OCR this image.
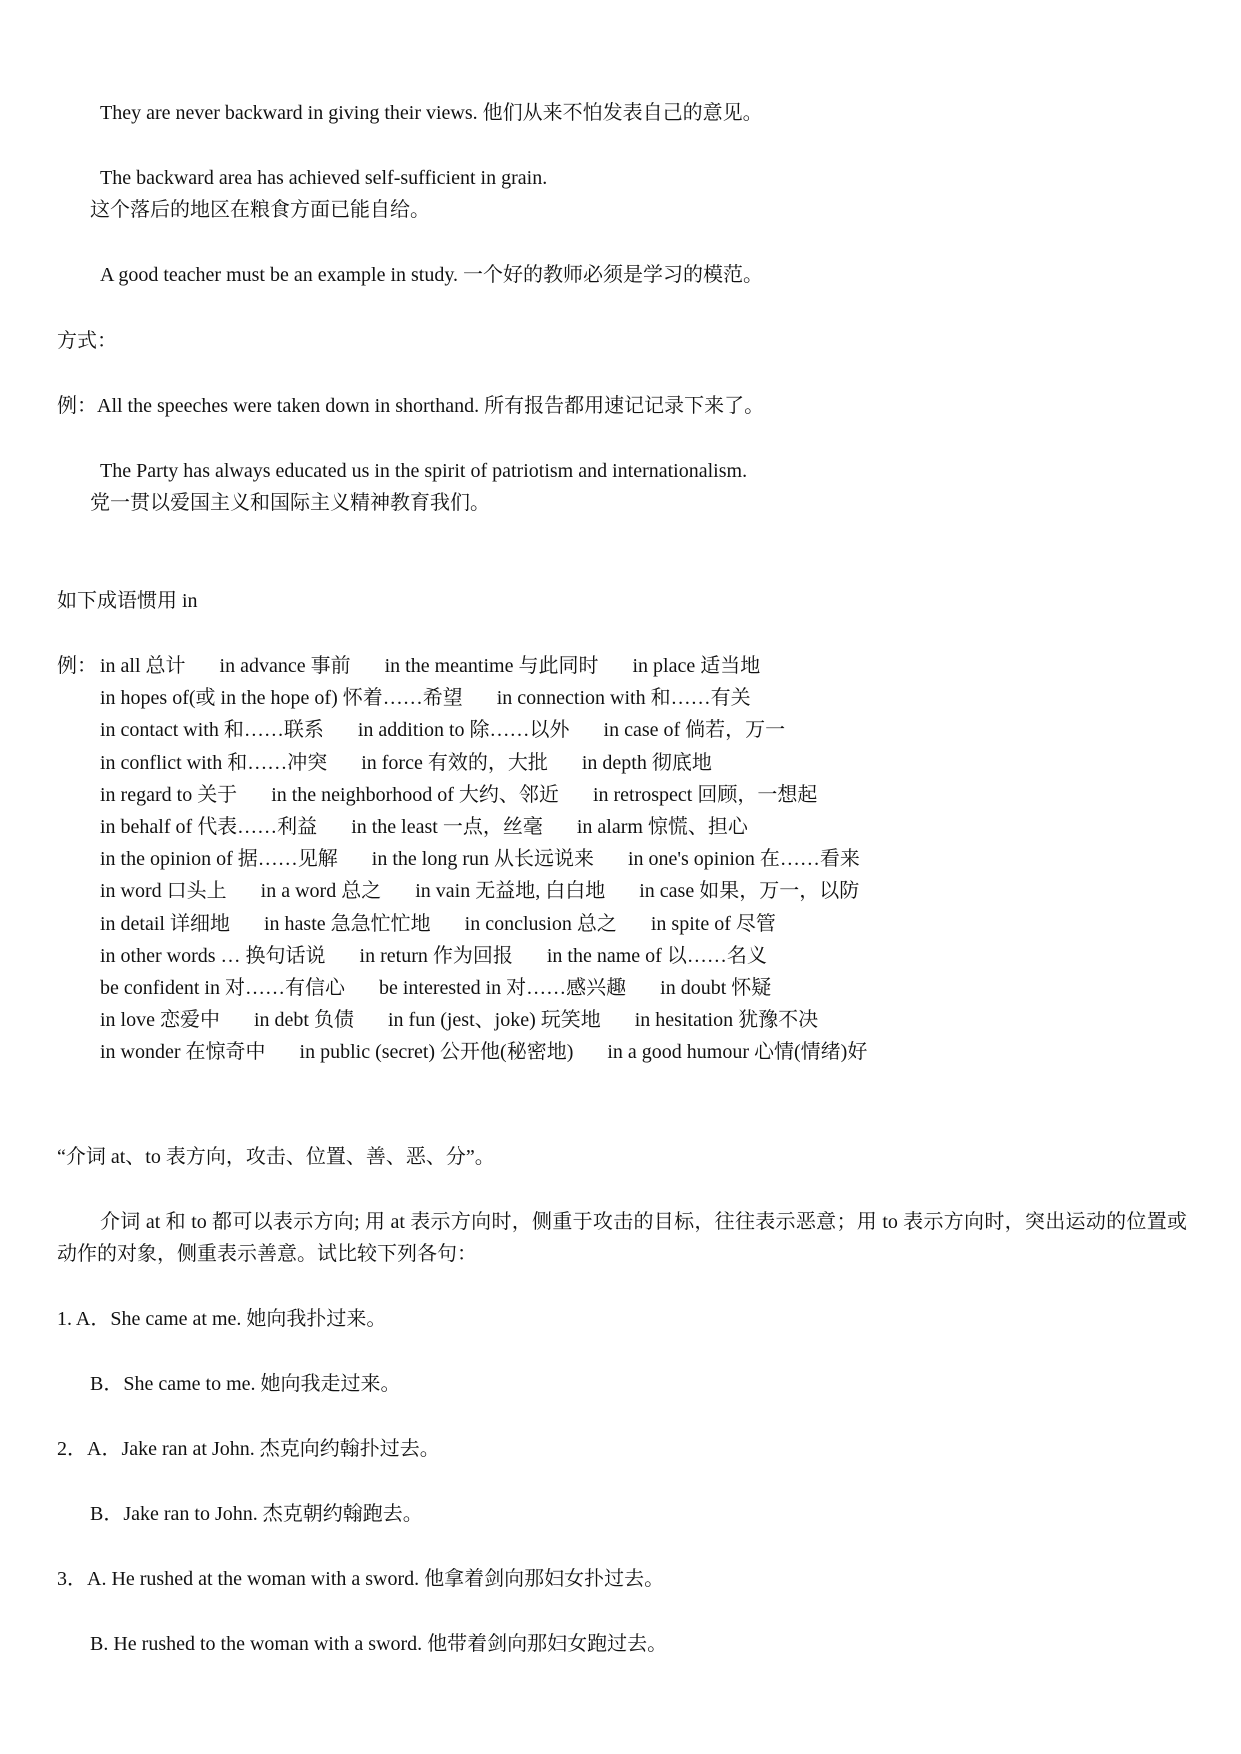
They are never backward in giving their views. 他们从来不怕发表自己的意见。
The backward area has achieved self-sufficient in grain.
这个落后的地区在粮食方面已能自给。
A good teacher must be an example in study. 一个好的教师必须是学习的模范。
方式：
例：All the speeches were taken down in shorthand. 所有报告都用速记记录下来了。
The Party has always educated us in the spirit of patriotism and internationalism.
党一贯以爱国主义和国际主义精神教育我们。
如下成语惯用 in
例： in all 总计 in advance 事前 in the meantime 与此同时 in place 适当地
in hopes of(或 in the hope of) 怀着……希望 in connection with 和……有关
in contact with 和……联系 in addition to 除……以外 in case of 倘若，万一
in conflict with 和……冲突 in force 有效的，大批 in depth 彻底地
in regard to 关于 in the neighborhood of 大约、邻近 in retrospect 回顾，一想起
in behalf of 代表……利益 in the least 一点，丝毫 in alarm 惊慌、担心
in the opinion of 据……见解 in the long run 从长远说来 in one's opinion 在……看来
in word 口头上 in a word 总之 in vain 无益地, 白白地 in case 如果，万一，以防
in detail 详细地 in haste 急急忙忙地 in conclusion 总之 in spite of 尽管
in other words … 换句话说 in return 作为回报 in the name of 以……名义
be confident in 对……有信心 be interested in 对……感兴趣 in doubt 怀疑
in love 恋爱中 in debt 负债 in fun (jest、joke) 玩笑地 in hesitation 犹豫不决
in wonder 在惊奇中 in public (secret) 公开他(秘密地) in a good humour 心情(情绪)好
“介词 at、to 表方向，攻击、位置、善、恶、分”。
介词 at 和 to 都可以表示方向; 用 at 表示方向时，侧重于攻击的目标，往往表示恶意；用 to 表示方向时，突出运动的位置或动作的对象，侧重表示善意。试比较下列各句：
1. A．She came at me. 她向我扑过来。
B．She came to me. 她向我走过来。
2．A．Jake ran at John. 杰克向约翰扑过去。
B．Jake ran to John. 杰克朝约翰跑去。
3．A. He rushed at the woman with a sword. 他拿着剑向那妇女扑过去。
B. He rushed to the woman with a sword. 他带着剑向那妇女跑过去。
